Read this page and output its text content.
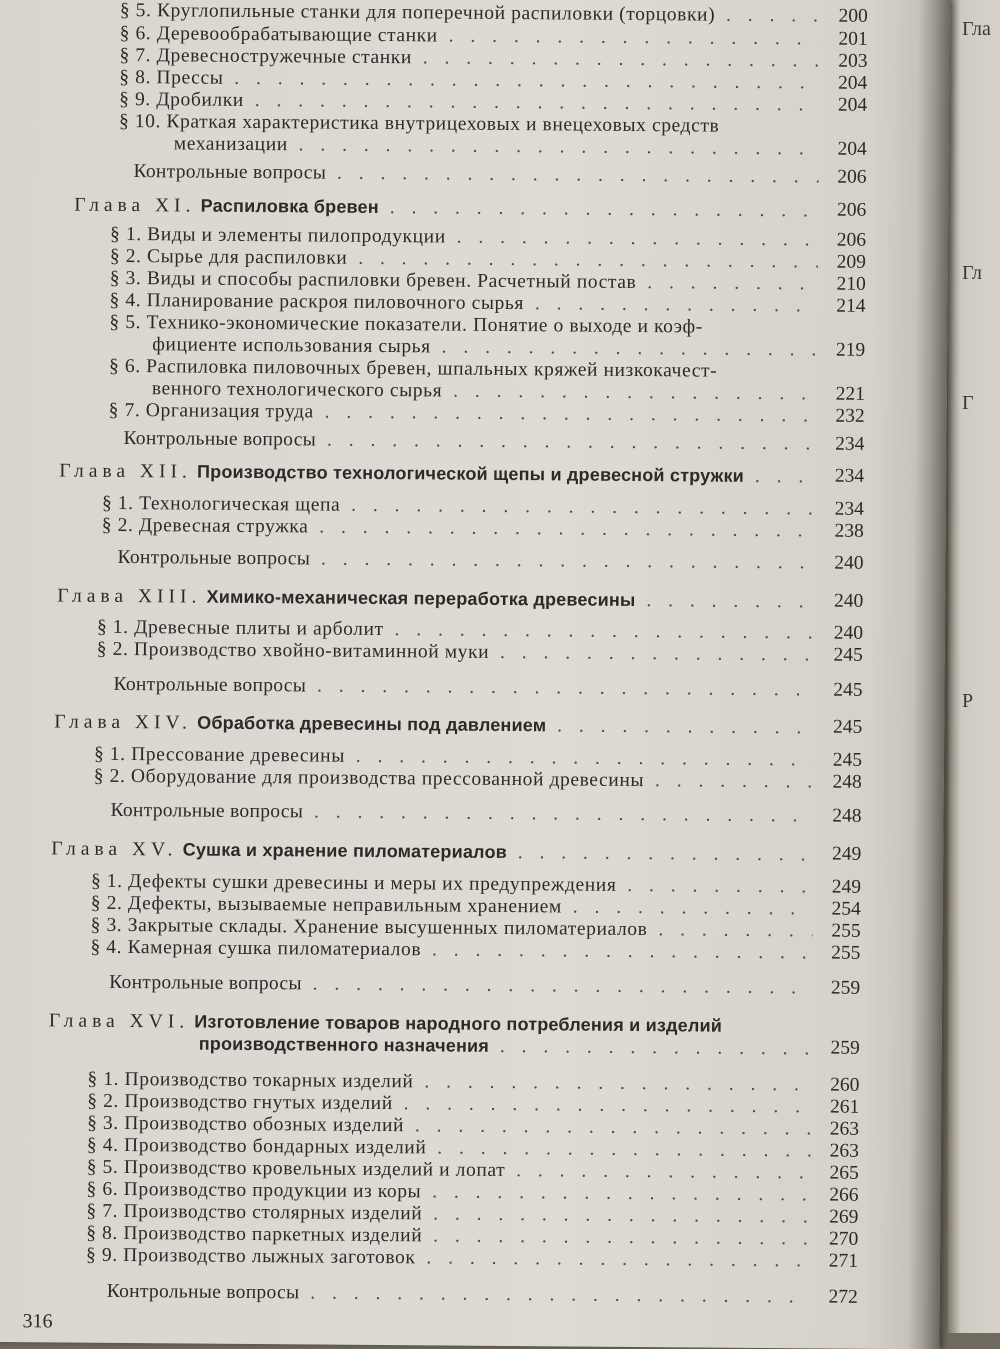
Гла
Гл
Г
Р
§ 5. Круглопильные станки для поперечной распиловки (торцовки) . . .	200
§ 6. Деревообрабатывающие станки . . .	201
§ 7. Древесностружечные станки . . .	203
§ 8. Прессы . . .	204
§ 9. Дробилки . . .	204
§ 10. Краткая характеристика внутрицеховых и внецеховых средств
механизации . . .	204
Контрольные вопросы . . .	206
Глава XI. Распиловка бревен . . .	206
§ 1. Виды и элементы пилопродукции . . .	206
§ 2. Сырье для распиловки . . .	209
§ 3. Виды и способы распиловки бревен. Расчетный постав . . .	210
§ 4. Планирование раскроя пиловочного сырья . . .	214
§ 5. Технико-экономические показатели. Понятие о выходе и коэф-
фициенте использования сырья . . .	219
§ 6. Распиловка пиловочных бревен, шпальных кряжей низкокачест-
венного технологического сырья . . .	221
§ 7. Организация труда . . .	232
Контрольные вопросы . . .	234
Глава XII. Производство технологической щепы и древесной стружки . . .	234
§ 1. Технологическая щепа . . .	234
§ 2. Древесная стружка . . .	238
Контрольные вопросы . . .	240
Глава XIII. Химико-механическая переработка древесины . . .	240
§ 1. Древесные плиты и арболит . . .	240
§ 2. Производство хвойно-витаминной муки . . .	245
Контрольные вопросы . . .	245
Глава XIV. Обработка древесины под давлением . . .	245
§ 1. Прессование древесины . . .	245
§ 2. Оборудование для производства прессованной древесины . . .	248
Контрольные вопросы . . .	248
Глава XV. Сушка и хранение пиломатериалов . . .	249
§ 1. Дефекты сушки древесины и меры их предупреждения . . .	249
§ 2. Дефекты, вызываемые неправильным хранением . . .	254
§ 3. Закрытые склады. Хранение высушенных пиломатериалов . . .	255
§ 4. Камерная сушка пиломатериалов . . .	255
Контрольные вопросы . . .	259
Глава XVI. Изготовление товаров народного потребления и изделий
производственного назначения . . .	259
§ 1. Производство токарных изделий . . .	260
§ 2. Производство гнутых изделий . . .	261
§ 3. Производство обозных изделий . . .	263
§ 4. Производство бондарных изделий . . .	263
§ 5. Производство кровельных изделий и лопат . . .	265
§ 6. Производство продукции из коры . . .	266
§ 7. Производство столярных изделий . . .	269
§ 8. Производство паркетных изделий . . .	270
§ 9. Производство лыжных заготовок . . .	271
Контрольные вопросы . . .	272
316
